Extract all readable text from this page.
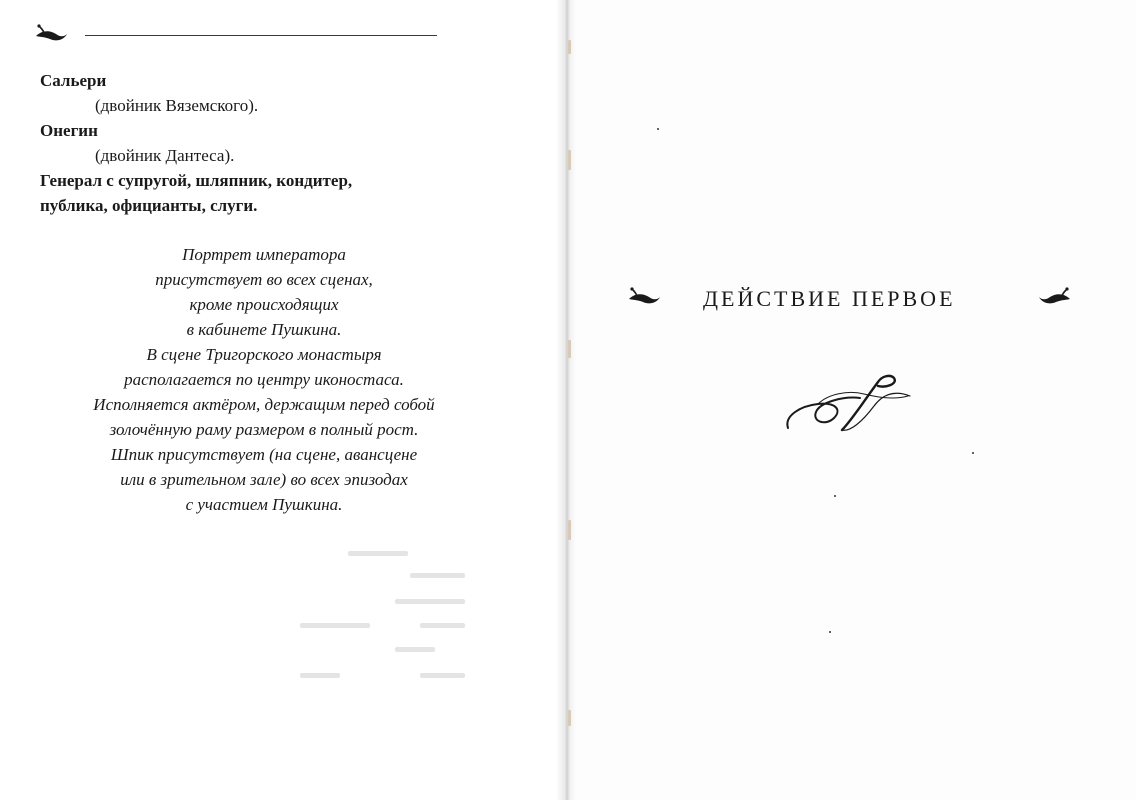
Сальери
(двойник Вяземского).
Онегин
(двойник Дантеса).
Генерал с супругой, шляпник, кондитер,
публика, официанты, слуги.
Портрет императора
присутствует во всех сценах,
кроме происходящих
в кабинете Пушкина.
В сцене Тригорского монастыря
располагается по центру иконостаса.
Исполняется актёром, держащим перед собой
золочённую раму размером в полный рост.
Шпик присутствует (на сцене, авансцене
или в зрительном зале) во всех эпизодах
с участием Пушкина.
ДЕЙСТВИЕ ПЕРВОЕ
